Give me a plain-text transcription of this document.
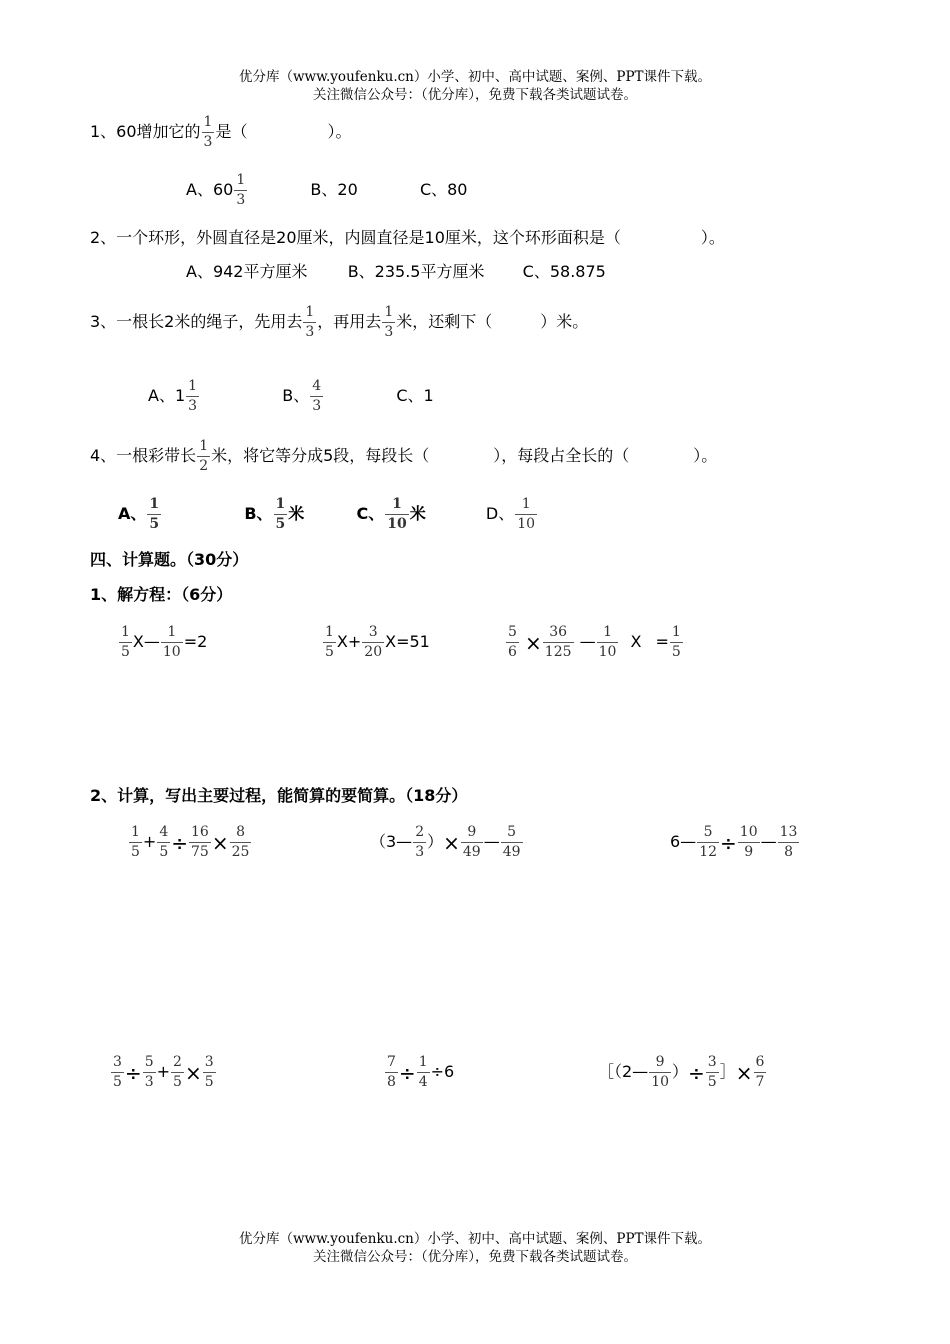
优分库（www.youfenku.cn）小学、初中、高中试题、案例、PPT课件下载。
关注微信公众号：（优分库），免费下载各类试题试卷。
1、60增加它的 $\frac{1}{3}$ 是（　　　　　）。
A、$60 \frac{1}{3}$	B、20	C、80
2、一个环形，外圆直径是20厘米，内圆直径是10厘米，这个环形面积是（　　　　　）。
A、942平方厘米	B、235.5平方厘米 C、58.875
3、一根长2米的绳子，先用去 $\frac{1}{3}$ ，再用去 $\frac{1}{3}$ 米，还剩下（　　　）米。
A、$1 \frac{1}{3}$	B、 $\frac{4}{3}$	C、1
4、一根彩带长 $\frac{1}{2}$ 米，将它等分成5段，每段长（　　　　），每段占全长的（　　　　）。
A、 $\frac{1}{5}$	B、 $\frac{1}{5}$ 米	C、 $\frac{1}{10}$ 米	D、 $\frac{1}{10}$
四、计算题。（30分）
1、解方程：（6分）
$\frac{1}{5}$ X— $\frac{1}{10} =2$	$\frac{1}{5} X+ \frac{3}{20} X=51$	$\frac{5}{6} \times \frac{36}{125}$ — $\frac{1}{10}$ $X = \frac{1}{5}$
2、计算，写出主要过程，能简算的要简算。（18分）
$\frac{1}{5} + \frac{4}{5} \div \frac{16}{75} \times \frac{8}{25}$	（3— $\frac{2}{3}$ ）× $\frac{9}{49}$ — $\frac{5}{49}$	6— $\frac{5}{12} \div \frac{10}{9}$ — $\frac{13}{8}$
$\frac{3}{5} \div \frac{5}{3} + \frac{2}{5} \times \frac{3}{5}$	$\frac{7}{8} \div \frac{1}{4} \div 6$	［（2— $\frac{9}{10}$ ）÷ $\frac{3}{5}$ ］× $\frac{6}{7}$
优分库（www.youfenku.cn）小学、初中、高中试题、案例、PPT课件下载。
关注微信公众号：（优分库），免费下载各类试题试卷。
